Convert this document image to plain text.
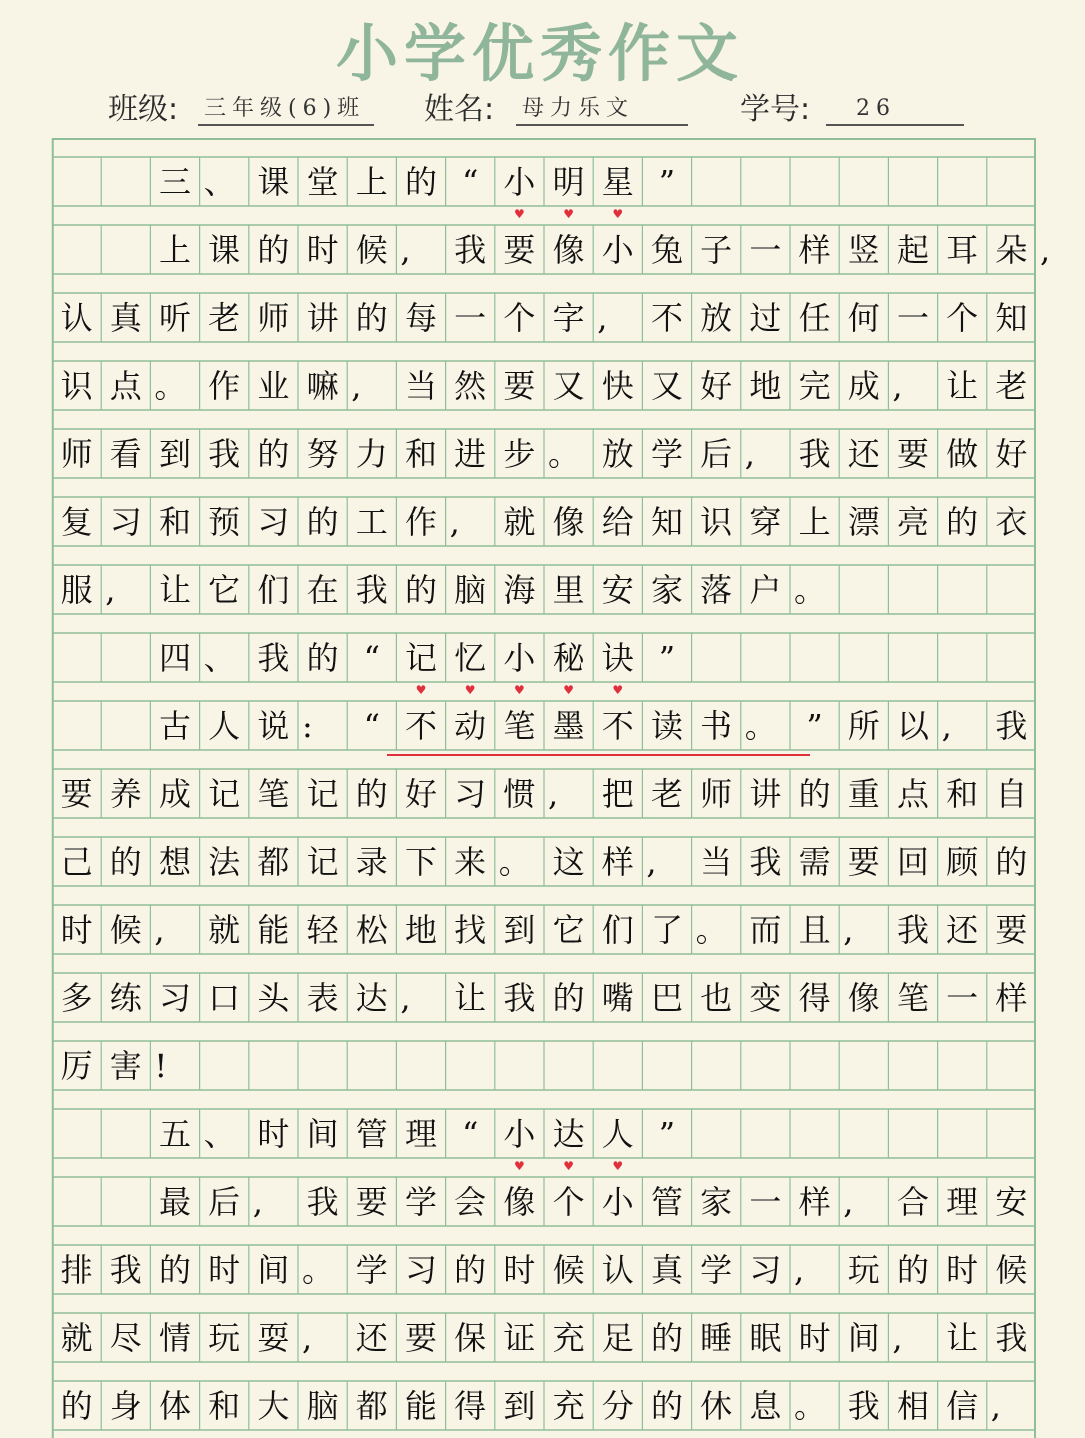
小学优秀作文
班级: 三年级(6)班 姓名: 母力乐文	学号:	26
三 、 课 堂 上 的 “ 小 明 星 ”
上 课 的 时 候 ,	我 要 像 小 兔 子 一 样 竖 起 耳 朵 ,
认 真 听 老 师 讲 的 每 一 个 字 ,	不 放 过 任 何 一 个 知
识 点 。 作 业 嘛 ,	当 然 要 又 快 又 好 地 完 成 ,	让 老
师 看 到 我 的 努 力 和 进 步 。 放 学 后 ,	我 还 要 做 好
复 习 和 预 习 的 工 作 ,	就 像 给 知 识 穿 上 漂 亮 的 衣
服 ,	让 它 们 在 我 的 脑 海 里 安 家 落 户 。
四 、 我 的 “ 记 忆 小 秘 诀 ”
古 人 说 :	“ 不 动 笔 墨 不 读 书 。 ” 所 以 ,	我
要 养 成 记 笔 记 的 好 习 惯 ,	把 老 师 讲 的 重 点 和 自
己 的 想 法 都 记 录 下 来 。 这 样 ,	当 我 需 要 回 顾 的
时 候 ,	就 能 轻 松 地 找 到 它 们 了 。 而 且 ,	我 还 要
多 练 习 口 头 表 达 ,	让 我 的 嘴 巴 也 变 得 像 笔 一 样
厉 害 !
五 、 时 间 管 理 “ 小 达 人 ”
最 后 ,	我 要 学 会 像 个 小 管 家 一 样 ,	合 理 安
排 我 的 时 间 。 学 习 的 时 候 认 真 学 习 ,	玩 的 时 候
就 尽 情 玩 耍 ,	还 要 保 证 充 足 的 睡 眠 时 间 ,	让 我
的 身 体 和 大 脑 都 能 得 到 充 分 的 休 息 。 我 相 信 ,
♥	♥	♥
♥	♥	♥	♥	♥
♥	♥	♥
